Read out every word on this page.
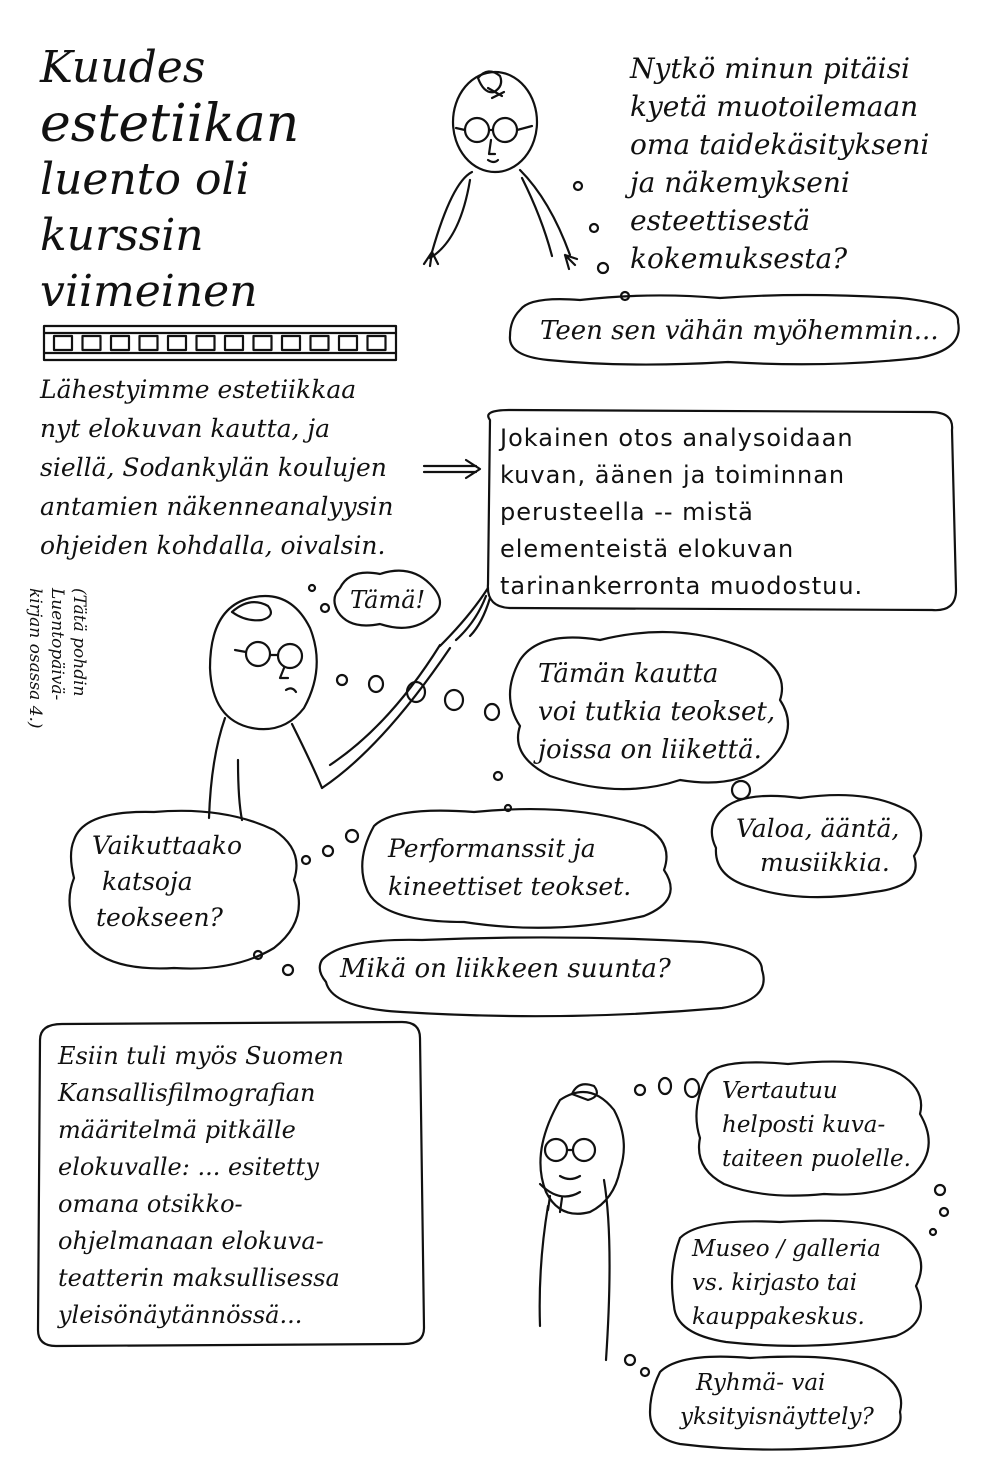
Kuudes
estetiikan
luento oli
kurssin
viimeinen
Nytkö minun pitäisi
kyetä muotoilemaan
oma taidekäsitykseni
ja näkemykseni
esteettisestä
kokemuksesta?
Teen sen vähän myöhemmin...
Lähestyimme estetiikkaa
nyt elokuvan kautta, ja
siellä, Sodankylän koulujen
antamien näkenneanalyysin
ohjeiden kohdalla, oivalsin.
Jokainen otos analysoidaan
kuvan, äänen ja toiminnan
perusteella -- mistä
elementeistä elokuvan
tarinankerronta muodostuu.
(Tätä pohdin
Luentopäivä-
kirjan osassa 4.)	Tämä!
Tämän kautta
voi tutkia teokset,
joissa on liikettä.
Valoa, ääntä,
musiikkia.
Vaikuttaako
katsoja
teokseen?
Performanssit ja
kineettiset teokset.
Mikä on liikkeen suunta?
Esiin tuli myös Suomen
Kansallisfilmografian
määritelmä pitkälle
elokuvalle: ... esitetty
omana otsikko-
ohjelmanaan elokuva-
teatterin maksullisessa
yleisönäytännössä...
Vertautuu
helposti kuva-
taiteen puolelle.
Museo / galleria
vs. kirjasto tai
kauppakeskus.
Ryhmä- vai
yksityisnäyttely?
